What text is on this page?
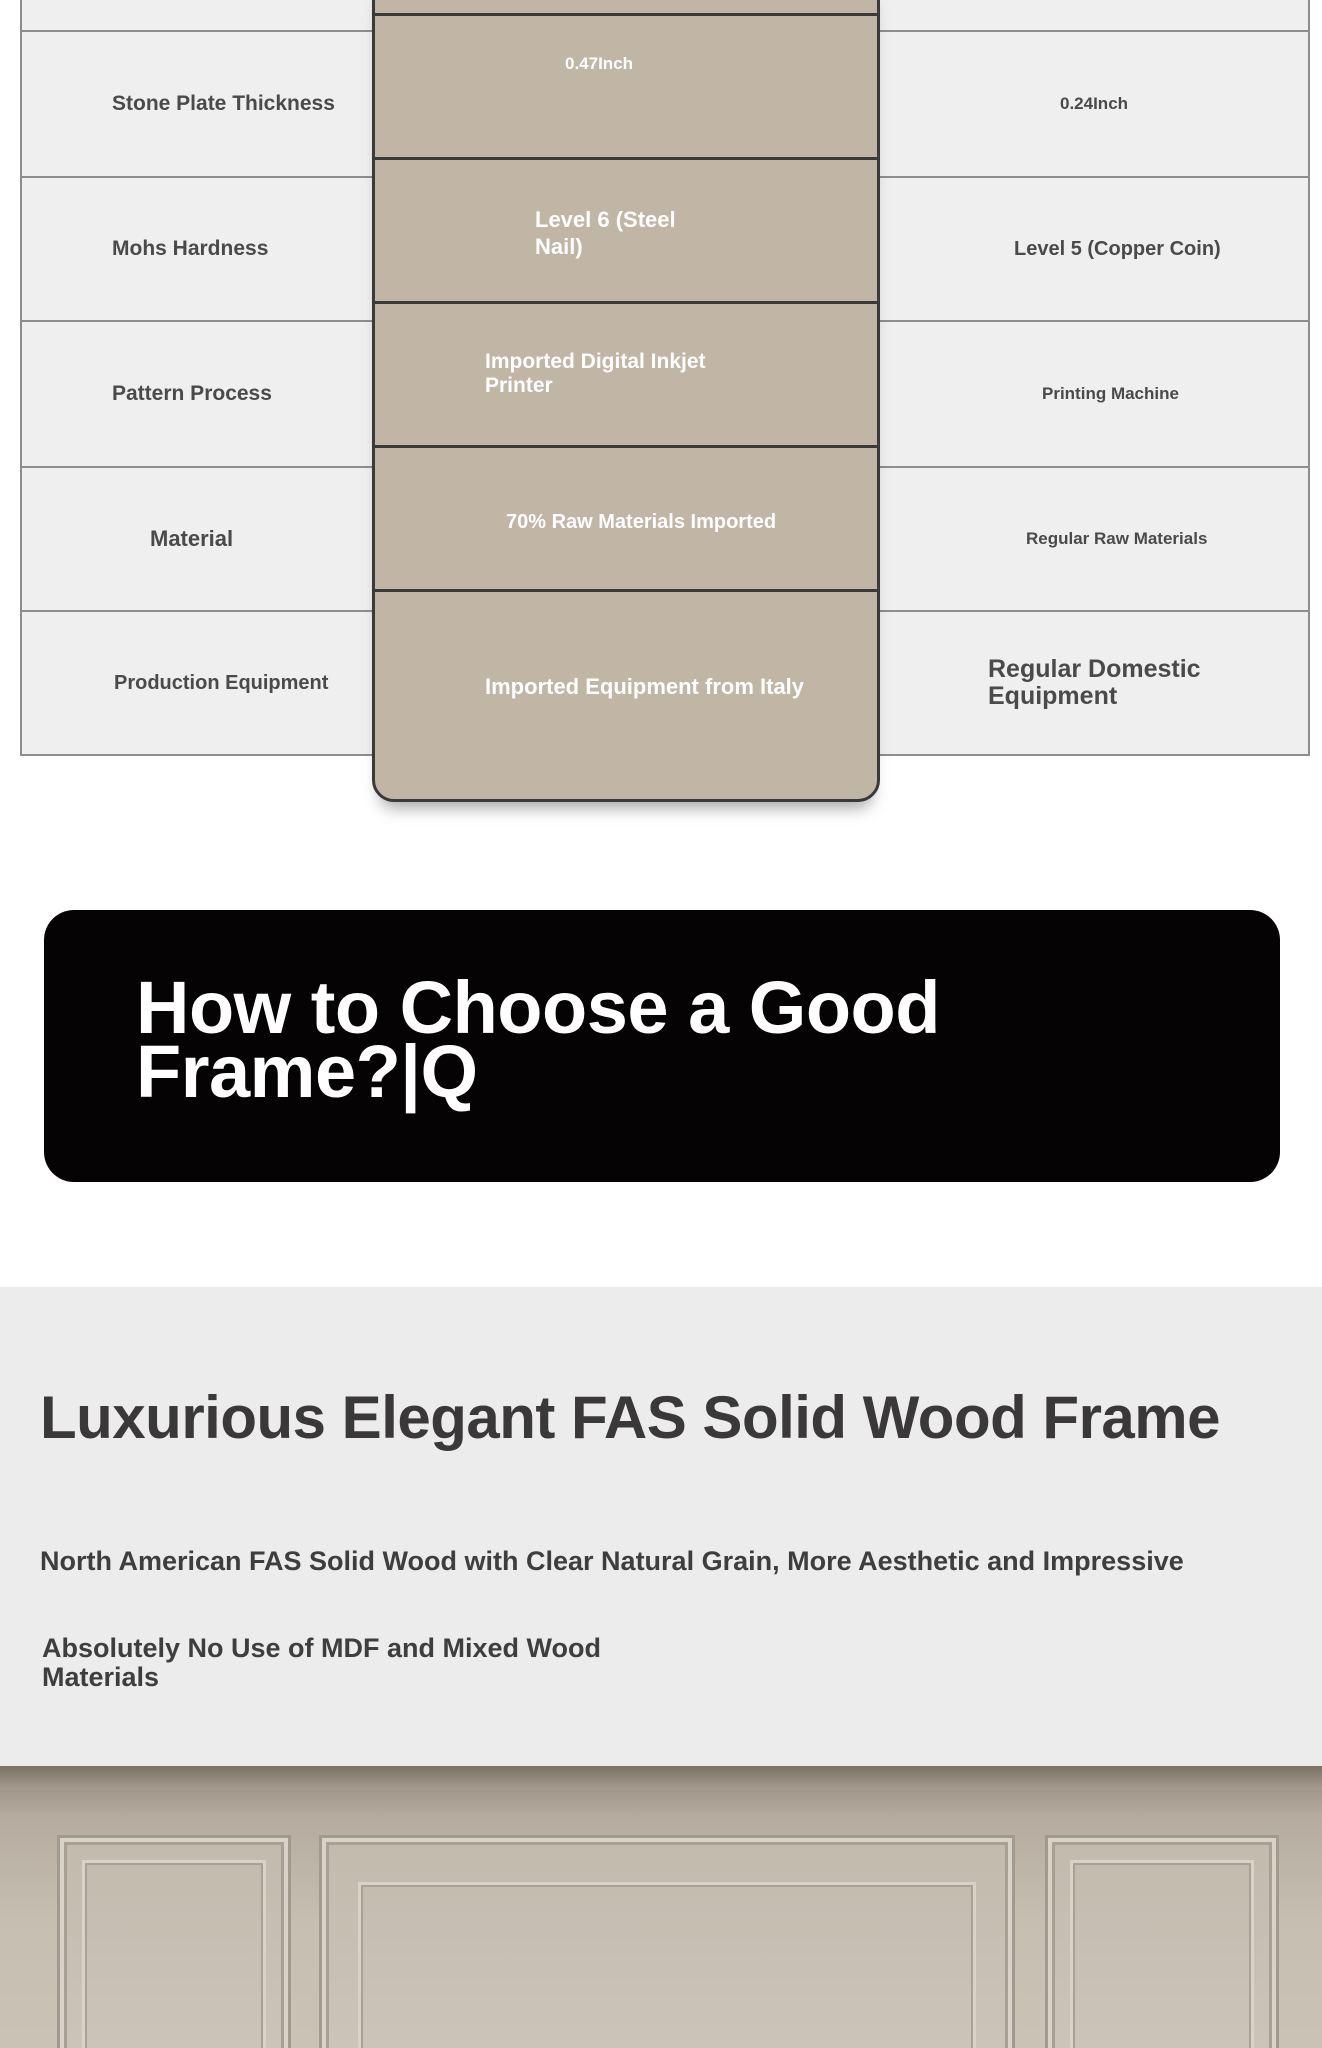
Stone Plate Thickness
Mohs Hardness
Pattern Process
Material
Production Equipment
0.24Inch
Level 5 (Copper Coin)
Printing Machine
Regular Raw Materials
Regular Domestic Equipment
0.47Inch
Level 6 (Steel Nail)
Imported Digital Inkjet Printer
70% Raw Materials Imported
Imported Equipment from Italy
How to Choose a Good Frame?|Q
Luxurious Elegant FAS Solid Wood Frame

North American FAS Solid Wood with Clear Natural Grain, More Aesthetic and Impressive

Absolutely No Use of MDF and Mixed Wood Materials
